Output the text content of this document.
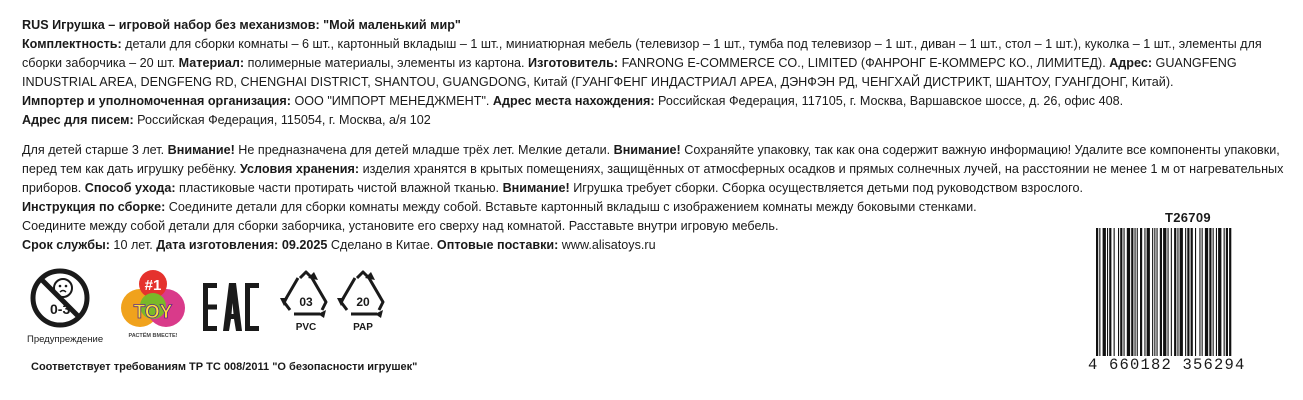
RUS Игрушка – игровой набор без механизмов: "Мой маленький мир"

Комплектность: детали для сборки комнаты – 6 шт., картонный вкладыш – 1 шт., миниатюрная мебель (телевизор – 1 шт., тумба под телевизор – 1 шт., диван – 1 шт., стол – 1 шт.), куколка – 1 шт., элементы для сборки заборчика – 20 шт. Материал: полимерные материалы, элементы из картона. Изготовитель: FANRONG E-COMMERCE CO., LIMITED (ФАНРОНГ Е-КОММЕРС КО., ЛИМИТЕД). Адрес: GUANGFENG INDUSTRIAL AREA, DENGFENG RD, CHENGHAI DISTRICT, SHANTOU, GUANGDONG, Китай (ГУАНГФЕНГ ИНДАСТРИАЛ АРЕА, ДЭНФЭН РД, ЧЕНГХАЙ ДИСТРИКТ, ШАНТОУ, ГУАНГДОНГ, Китай).

Импортер и уполномоченная организация: ООО "ИМПОРТ МЕНЕДЖМЕНТ". Адрес места нахождения: Российская Федерация, 117105, г. Москва, Варшавское шоссе, д. 26, офис 408.

Адрес для писем: Российская Федерация, 115054, г. Москва, а/я 102

Для детей старше 3 лет. Внимание! Не предназначена для детей младше трёх лет. Мелкие детали. Внимание! Сохраняйте упаковку, так как она содержит важную информацию! Удалите все компоненты упаковки, перед тем как дать игрушку ребёнку. Условия хранения: изделия хранятся в крытых помещениях, защищённых от атмосферных осадков и прямых солнечных лучей, на расстоянии не менее 1 м от нагревательных приборов. Способ ухода: пластиковые части протирать чистой влажной тканью. Внимание! Игрушка требует сборки. Сборка осуществляется детьми под руководством взрослого.

Инструкция по сборке: Соедините детали для сборки комнаты между собой. Вставьте картонный вкладыш с изображением комнаты между боковыми стенками.

Соедините между собой детали для сборки заборчика, установите его сверху над комнатой. Расставьте внутри игровую мебель.

Срок службы: 10 лет. Дата изготовления: 09.2025 Сделано в Китае. Оптовые поставки: www.alisatoys.ru

0-3
Предупреждение
#1
TOY
РАСТЁМ ВМЕСТЕ!
03
PVC
20
PAP
Соответствует требованиям ТР ТС 008/2011 "О безопасности игрушек"
T26709
4 660182 356294
